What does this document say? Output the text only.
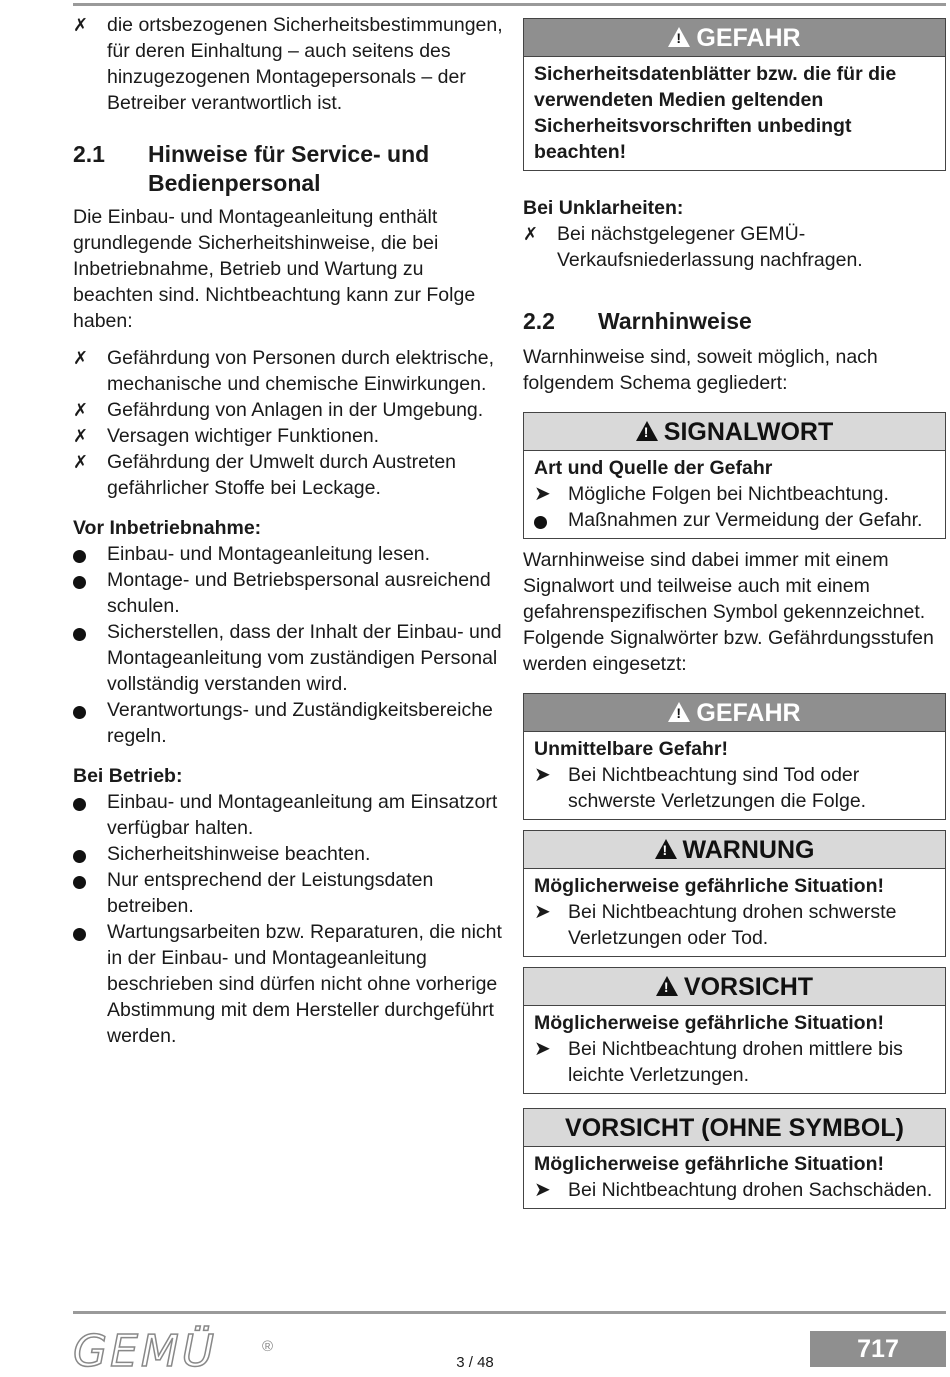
✗ die ortsbezogenen Sicherheitsbestimmungen, für deren Einhaltung – auch seitens des hinzugezogenen Montagepersonals – der Betreiber verantwortlich ist.
2.1 Hinweise für Service- und Bedienpersonal

Die Einbau- und Montageanleitung enthält grundlegende Sicherheitshinweise, die bei Inbetriebnahme, Betrieb und Wartung zu beachten sind. Nichtbeachtung kann zur Folge haben:

✗ Gefährdung von Personen durch elektrische, mechanische und chemische Einwirkungen.
✗ Gefährdung von Anlagen in der Umgebung.
✗ Versagen wichtiger Funktionen.
✗ Gefährdung der Umwelt durch Austreten gefährlicher Stoffe bei Leckage.

Vor Inbetriebnahme:

Einbau- und Montageanleitung lesen.
Montage- und Betriebspersonal ausreichend schulen.
Sicherstellen, dass der Inhalt der Einbau- und Montageanleitung vom zuständigen Personal vollständig verstanden wird.
Verantwortungs- und Zuständigkeitsbereiche regeln.

Bei Betrieb:

Einbau- und Montageanleitung am Einsatzort verfügbar halten.
Sicherheitshinweise beachten.
Nur entsprechend der Leistungsdaten betreiben.
Wartungsarbeiten bzw. Reparaturen, die nicht in der Einbau- und Montageanleitung beschrieben sind dürfen nicht ohne vorherige Abstimmung mit dem Hersteller durchgeführt werden.
!GEFAHR
Sicherheitsdatenblätter bzw. die für die verwendeten Medien geltenden Sicherheitsvorschriften unbedingt beachten!

Bei Unklarheiten:

✗ Bei nächstgelegener GEMÜ-Verkaufsniederlassung nachfragen.
2.2 Warnhinweise

Warnhinweise sind, soweit möglich, nach folgendem Schema gegliedert:

!SIGNALWORT

Art und Quelle der Gefahr

➤ Mögliche Folgen bei Nichtbeachtung.
Maßnahmen zur Vermeidung der Gefahr.

Warnhinweise sind dabei immer mit einem Signalwort und teilweise auch mit einem gefahrenspezifischen Symbol gekennzeichnet.

Folgende Signalwörter bzw. Gefährdungsstufen werden eingesetzt:

!GEFAHR

Unmittelbare Gefahr!

➤ Bei Nichtbeachtung sind Tod oder schwerste Verletzungen die Folge.
!WARNUNG

Möglicherweise gefährliche Situation!

➤ Bei Nichtbeachtung drohen schwerste Verletzungen oder Tod.
!VORSICHT

Möglicherweise gefährliche Situation!

➤ Bei Nichtbeachtung drohen mittlere bis leichte Verletzungen.
VORSICHT (OHNE SYMBOL)

Möglicherweise gefährliche Situation!

➤ Bei Nichtbeachtung drohen Sachschäden.
GEMÜ	®
3 / 48	717
